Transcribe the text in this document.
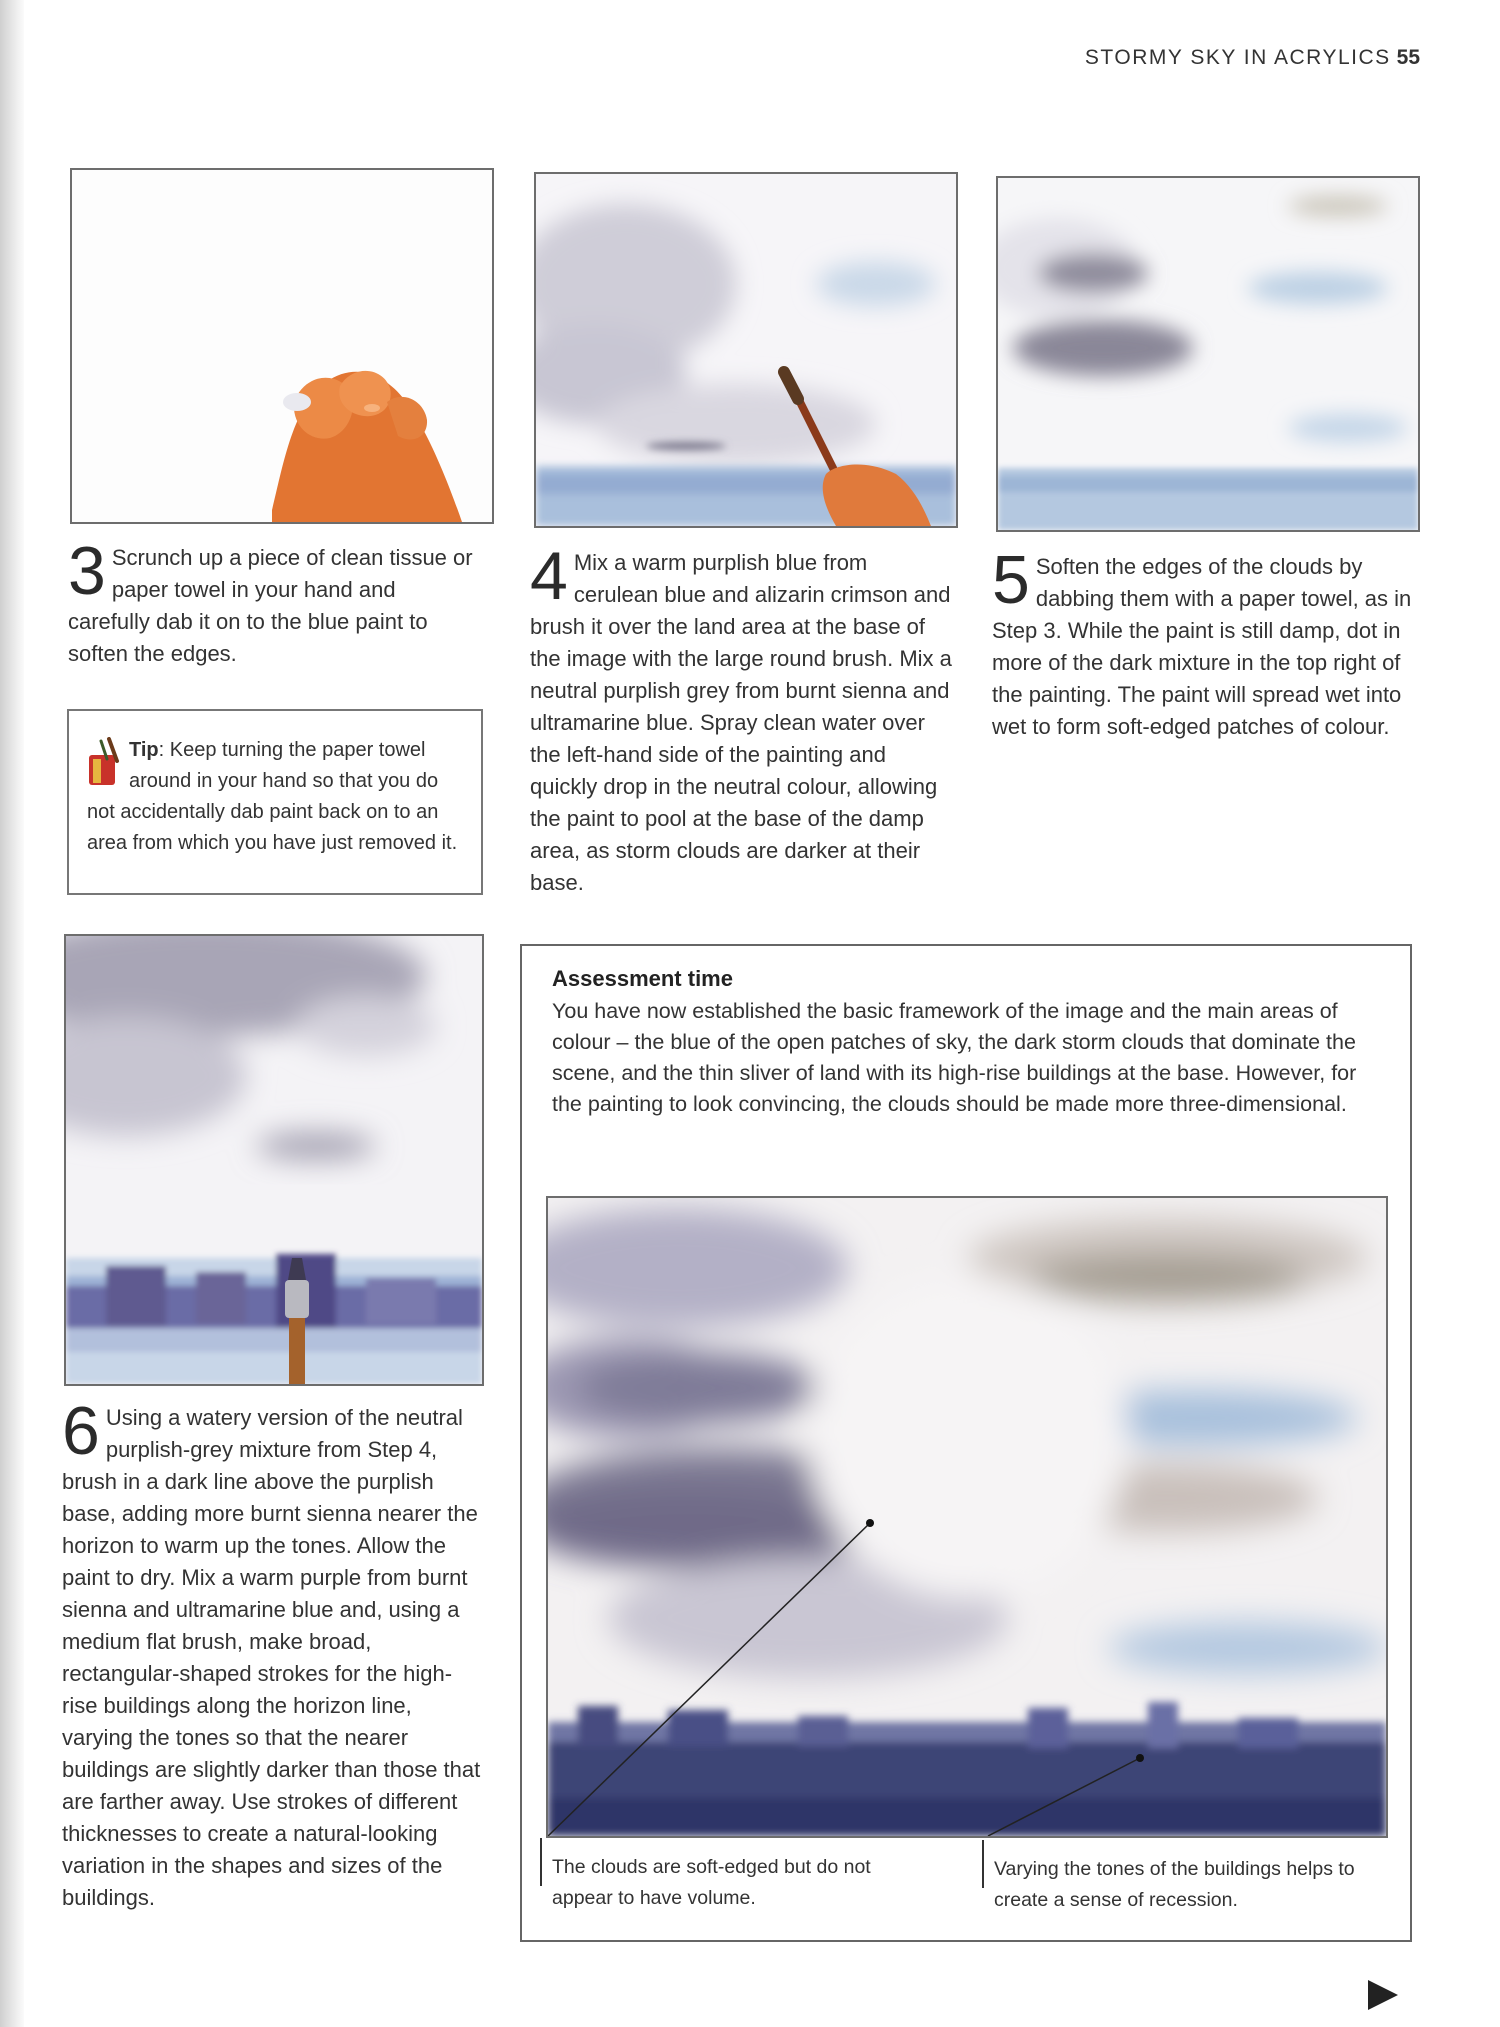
STORMY SKY IN ACRYLICS 55
3 Scrunch up a piece of clean tissue or paper towel in your hand and carefully dab it on to the blue paint to soften the edges.
4 Mix a warm purplish blue from cerulean blue and alizarin crimson and brush it over the land area at the base of the image with the large round brush. Mix a neutral purplish grey from burnt sienna and ultramarine blue. Spray clean water over the left-hand side of the painting and quickly drop in the neutral colour, allowing the paint to pool at the base of the damp area, as storm clouds are darker at their base.
5 Soften the edges of the clouds by dabbing them with a paper towel, as in Step 3. While the paint is still damp, dot in more of the dark mixture in the top right of the painting. The paint will spread wet into wet to form soft-edged patches of colour.
Tip: Keep turning the paper towel around in your hand so that you do not accidentally dab paint back on to an area from which you have just removed it.
6 Using a watery version of the neutral purplish-grey mixture from Step 4, brush in a dark line above the purplish base, adding more burnt sienna nearer the horizon to warm up the tones. Allow the paint to dry. Mix a warm purple from burnt sienna and ultramarine blue and, using a medium flat brush, make broad, rectangular-shaped strokes for the high-rise buildings along the horizon line, varying the tones so that the nearer buildings are slightly darker than those that are farther away. Use strokes of different thicknesses to create a natural-looking variation in the shapes and sizes of the buildings.
Assessment time

You have now established the basic framework of the image and the main areas of colour – the blue of the open patches of sky, the dark storm clouds that dominate the scene, and the thin sliver of land with its high-rise buildings at the base. However, for the painting to look convincing, the clouds should be made more three-dimensional.

The clouds are soft-edged but do not appear to have volume.
Varying the tones of the buildings helps to create a sense of recession.
